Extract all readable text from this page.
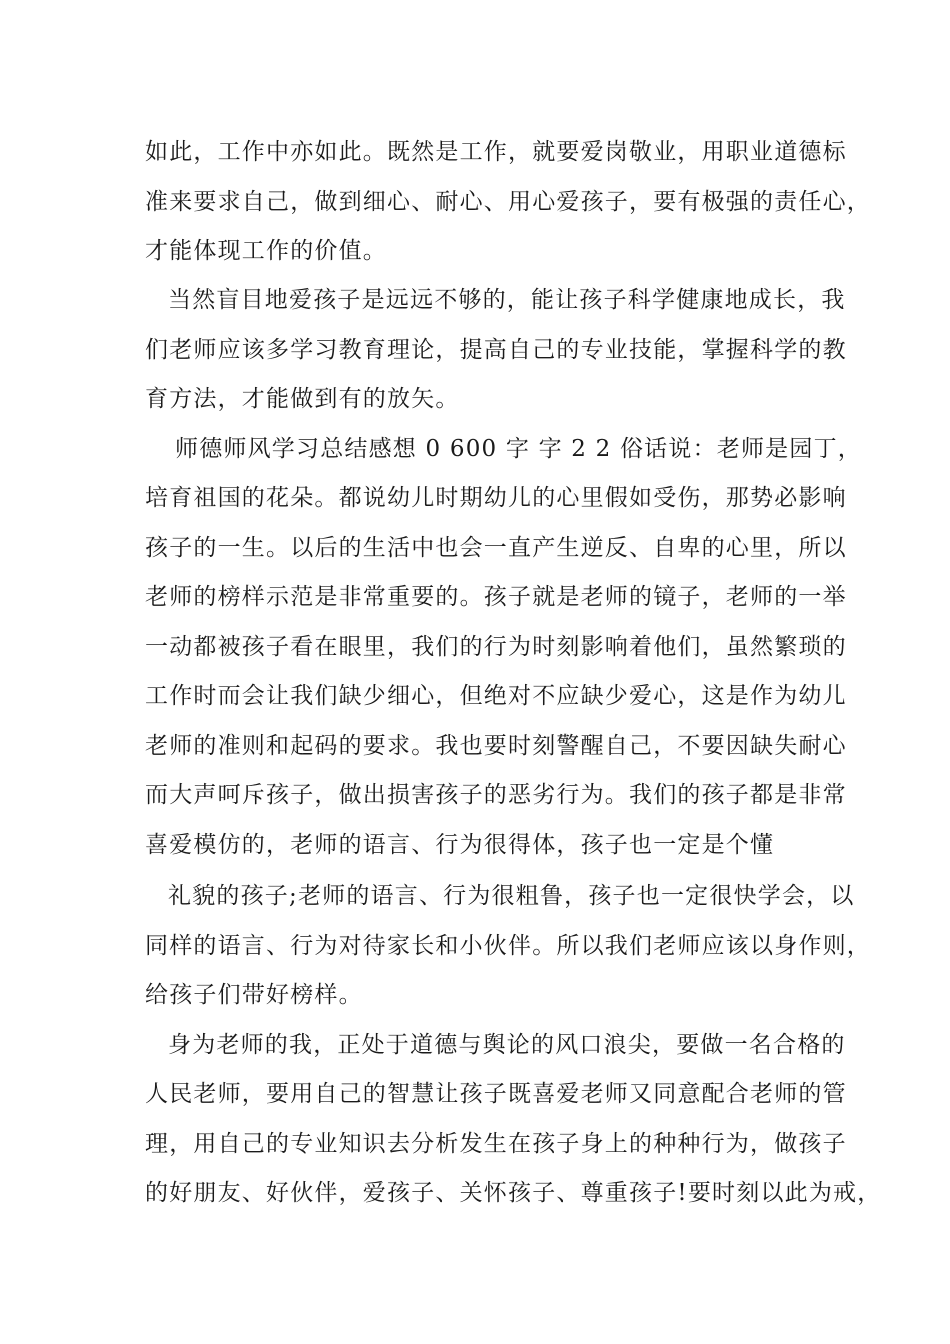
如此，工作中亦如此。既然是工作，就要爱岗敬业，用职业道德标
准来要求自己，做到细心、耐心、用心爱孩子，要有极强的责任心，
才能体现工作的价值。
当然盲目地爱孩子是远远不够的，能让孩子科学健康地成长，我
们老师应该多学习教育理论，提高自己的专业技能，掌握科学的教
育方法，才能做到有的放矢。
师德师风学习总结感想 0 600 字 字 2 2 俗话说：老师是园丁，
培育祖国的花朵。都说幼儿时期幼儿的心里假如受伤，那势必影响
孩子的一生。以后的生活中也会一直产生逆反、自卑的心里，所以
老师的榜样示范是非常重要的。孩子就是老师的镜子，老师的一举
一动都被孩子看在眼里，我们的行为时刻影响着他们，虽然繁琐的
工作时而会让我们缺少细心，但绝对不应缺少爱心，这是作为幼儿
老师的准则和起码的要求。我也要时刻警醒自己，不要因缺失耐心
而大声呵斥孩子，做出损害孩子的恶劣行为。我们的孩子都是非常
喜爱模仿的，老师的语言、行为很得体，孩子也一定是个懂
礼貌的孩子;老师的语言、行为很粗鲁，孩子也一定很快学会，以
同样的语言、行为对待家长和小伙伴。所以我们老师应该以身作则，
给孩子们带好榜样。
身为老师的我，正处于道德与舆论的风口浪尖，要做一名合格的
人民老师，要用自己的智慧让孩子既喜爱老师又同意配合老师的管
理，用自己的专业知识去分析发生在孩子身上的种种行为，做孩子
的好朋友、好伙伴，爱孩子、关怀孩子、尊重孩子!要时刻以此为戒，
